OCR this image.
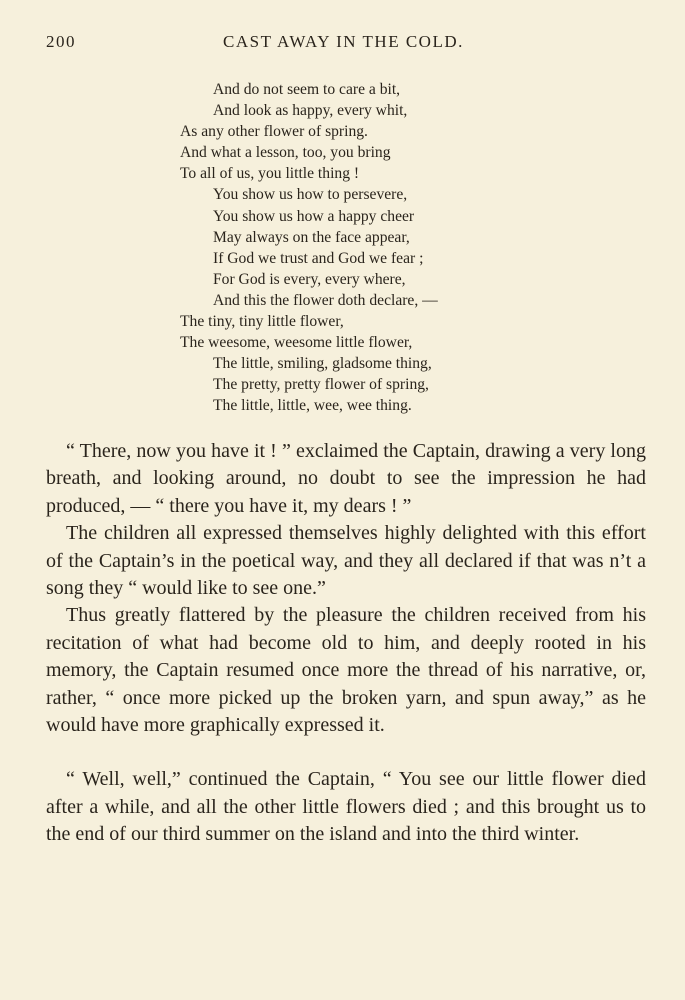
200	CAST AWAY IN THE COLD.
And do not seem to care a bit,
And look as happy, every whit,
As any other flower of spring.
And what a lesson, too, you bring
To all of us, you little thing !
You show us how to persevere,
You show us how a happy cheer
May always on the face appear,
If God we trust and God we fear ;
For God is every, every where,
And this the flower doth declare, —
The tiny, tiny little flower,
The weesome, weesome little flower,
The little, smiling, gladsome thing,
The pretty, pretty flower of spring,
The little, little, wee, wee thing.

“ There, now you have it ! ” exclaimed the Captain, drawing a very long breath, and looking around, no doubt to see the impression he had produced, — “ there you have it, my dears ! ”

The children all expressed themselves highly delighted with this effort of the Captain’s in the poetical way, and they all declared if that was n’t a song they “ would like to see one.”

Thus greatly flattered by the pleasure the children received from his recitation of what had become old to him, and deeply rooted in his memory, the Captain resumed once more the thread of his narrative, or, rather, “ once more picked up the broken yarn, and spun away,” as he would have more graphically expressed it.

“ Well, well,” continued the Captain, “ You see our little flower died after a while, and all the other little flowers died ; and this brought us to the end of our third summer on the island and into the third winter.
